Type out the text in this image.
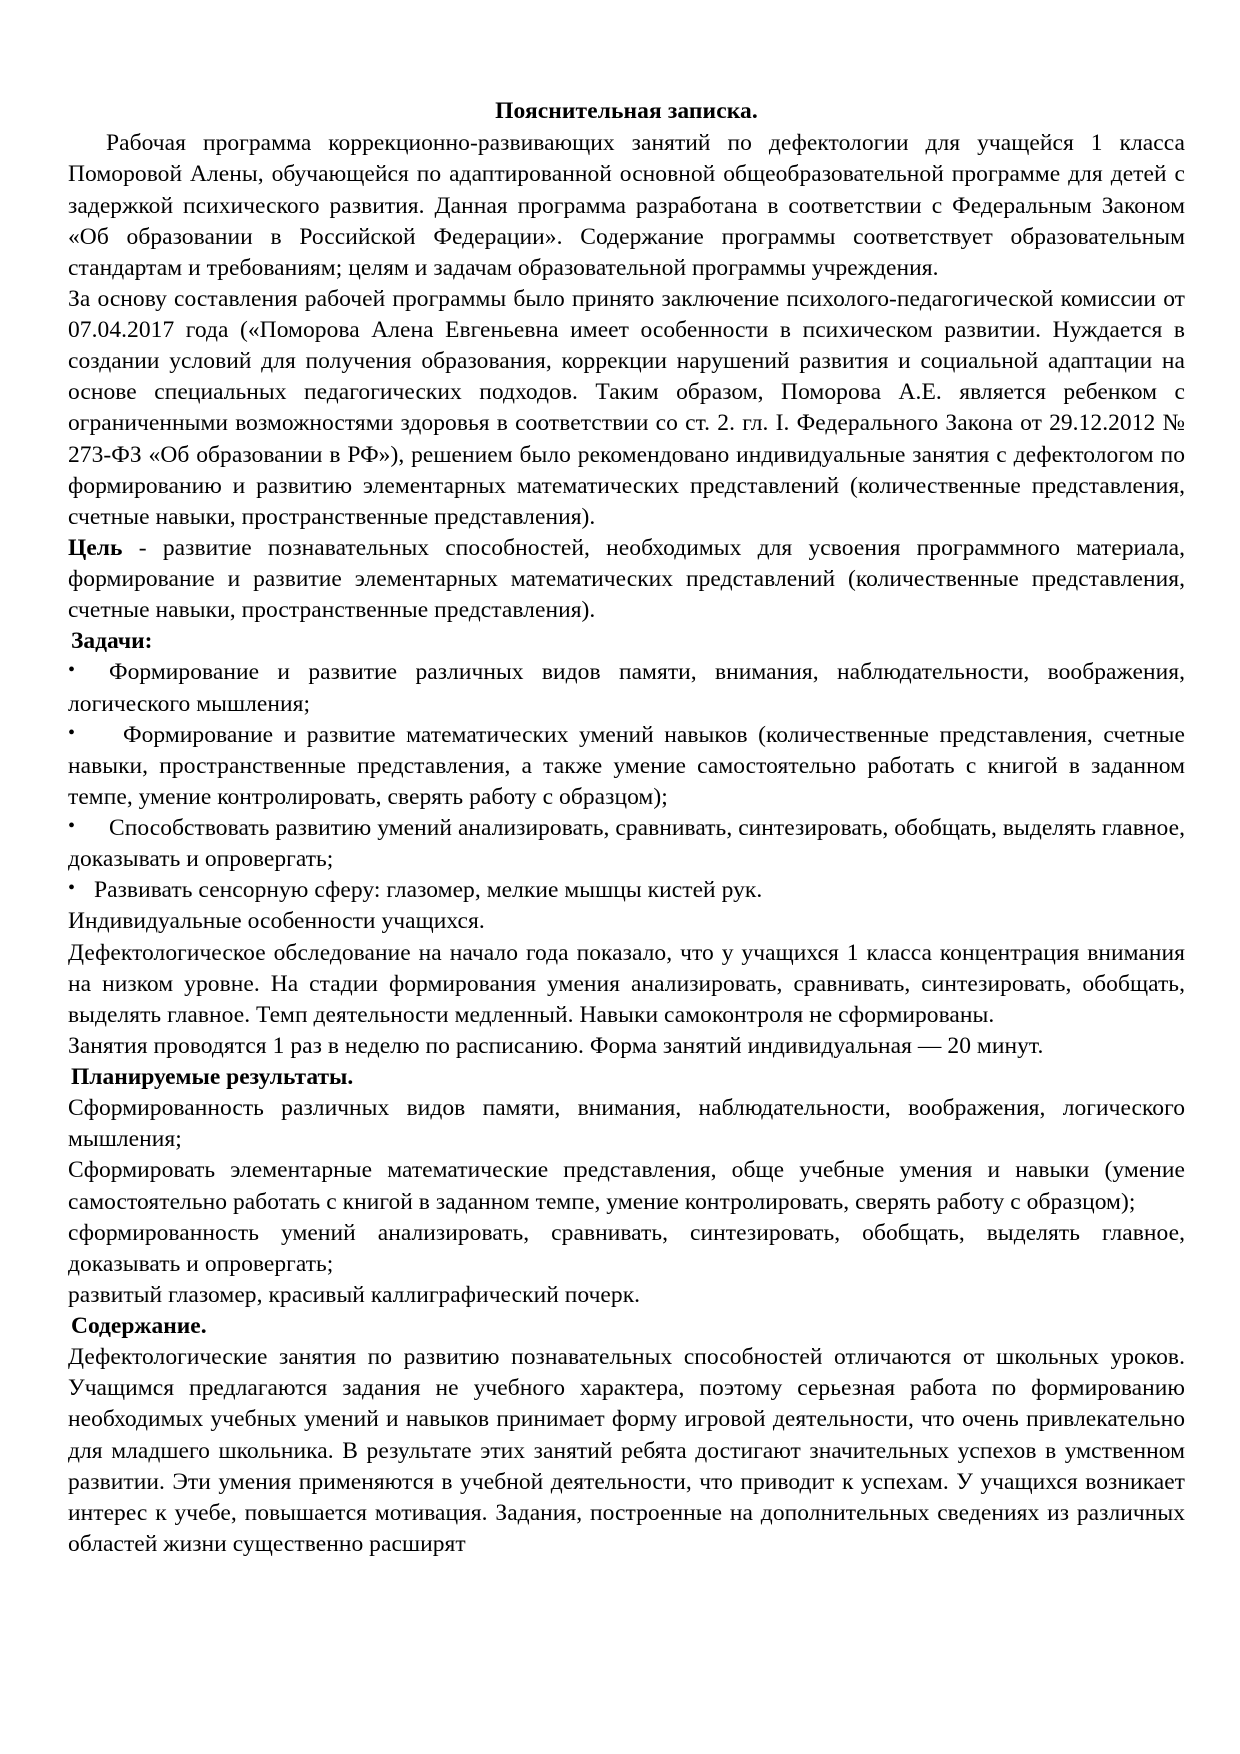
Пояснительная записка.

Рабочая программа коррекционно-развивающих занятий по дефектологии для учащейся 1 класса Поморовой Алены, обучающейся по адаптированной основной общеобразовательной программе для детей с задержкой психического развития. Данная программа разработана в соответствии с Федеральным Законом «Об образовании в Российской Федерации». Содержание программы соответствует образовательным стандартам и требованиям; целям и задачам образовательной программы учреждения.

За основу составления рабочей программы было принято заключение психолого-педагогической комиссии от 07.04.2017 года («Поморова Алена Евгеньевна имеет особенности в психическом развитии. Нуждается в создании условий для получения образования, коррекции нарушений развития и социальной адаптации на основе специальных педагогических подходов. Таким образом, Поморова А.Е. является ребенком с ограниченными возможностями здоровья в соответствии со ст. 2. гл. I. Федерального Закона от 29.12.2012 № 273-ФЗ «Об образовании в РФ»), решением было рекомендовано индивидуальные занятия с дефектологом по формированию и развитию элементарных математических представлений (количественные представления, счетные навыки, пространственные представления).

Цель - развитие познавательных способностей, необходимых для усвоения программного материала, формирование и развитие элементарных математических представлений (количественные представления, счетные навыки, пространственные представления).

Задачи:

• Формирование и развитие различных видов памяти, внимания, наблюдательности, воображения, логического мышления;

• Формирование и развитие математических умений навыков (количественные представления, счетные навыки, пространственные представления, а также умение самостоятельно работать с книгой в заданном темпе, умение контролировать, сверять работу с образцом);

• Способствовать развитию умений анализировать, сравнивать, синтезировать, обобщать, выделять главное, доказывать и опровергать;

• Развивать сенсорную сферу: глазомер, мелкие мышцы кистей рук.

Индивидуальные особенности учащихся.

Дефектологическое обследование на начало года показало, что у учащихся 1 класса концентрация внимания на низком уровне. На стадии формирования умения анализировать, сравнивать, синтезировать, обобщать, выделять главное. Темп деятельности медленный. Навыки самоконтроля не сформированы.

Занятия проводятся 1 раз в неделю по расписанию. Форма занятий индивидуальная — 20 минут.

Планируемые результаты.

Сформированность различных видов памяти, внимания, наблюдательности, воображения, логического мышления;

Сформировать элементарные математические представления, обще учебные умения и навыки (умение самостоятельно работать с книгой в заданном темпе, умение контролировать, сверять работу с образцом);

сформированность умений анализировать, сравнивать, синтезировать, обобщать, выделять главное, доказывать и опровергать;

развитый глазомер, красивый каллиграфический почерк.

Содержание.

Дефектологические занятия по развитию познавательных способностей отличаются от школьных уроков. Учащимся предлагаются задания не учебного характера, поэтому серьезная работа по формированию необходимых учебных умений и навыков принимает форму игровой деятельности, что очень привлекательно для младшего школьника. В результате этих занятий ребята достигают значительных успехов в умственном развитии. Эти умения применяются в учебной деятельности, что приводит к успехам. У учащихся возникает интерес к учебе, повышается мотивация. Задания, построенные на дополнительных сведениях из различных областей жизни существенно расширят
